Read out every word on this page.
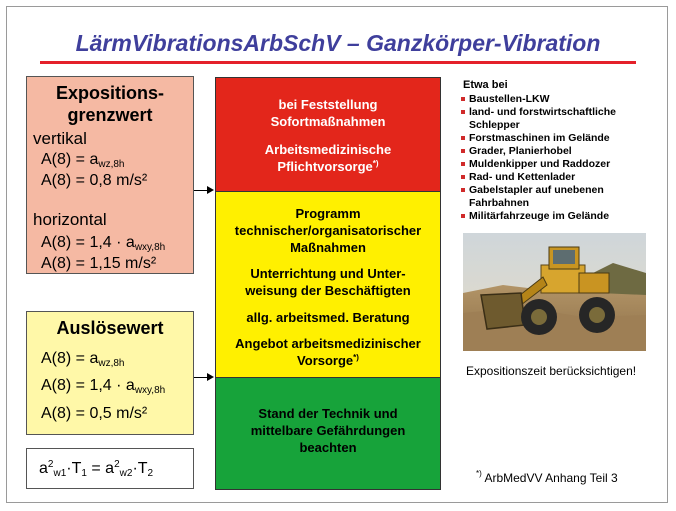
LärmVibrationsArbSchV – Ganzkörper-Vibration
Expositions-
grenzwert
vertikal
$A(8) = a_{wz,8h}$
A(8) = 0,8 m/s²
horizontal
$A(8) = 1,4 \cdot a_{wxy,8h}$
A(8) = 1,15 m/s²
Auslösewert
$A(8) = a_{wz,8h}$
$A(8) = 1,4 \cdot a_{wxy,8h}$
A(8) = 0,5 m/s²
$a^2_{w1}\cdot T_1 = a^2_{w2}\cdot T_2$
bei Feststellung
Sofortmaßnahmen
Arbeitsmedizinische
Pflichtvorsorge*)
Programm
technischer/organisatorischer
Maßnahmen
Unterrichtung und Unter-
weisung der Beschäftigten
allg. arbeitsmed. Beratung
Angebot arbeitsmedizinischer
Vorsorge*)
Stand der Technik und
mittelbare Gefährdungen
beachten
Etwa bei
Baustellen-LKW
land- und forstwirtschaftliche Schlepper
Forstmaschinen im Gelände
Grader, Planierhobel
Muldenkipper und Raddozer
Rad- und Kettenlader
Gabelstapler auf unebenen Fahrbahnen
Militärfahrzeuge im Gelände
Expositionszeit berücksichtigen!
*) ArbMedVV Anhang Teil 3
